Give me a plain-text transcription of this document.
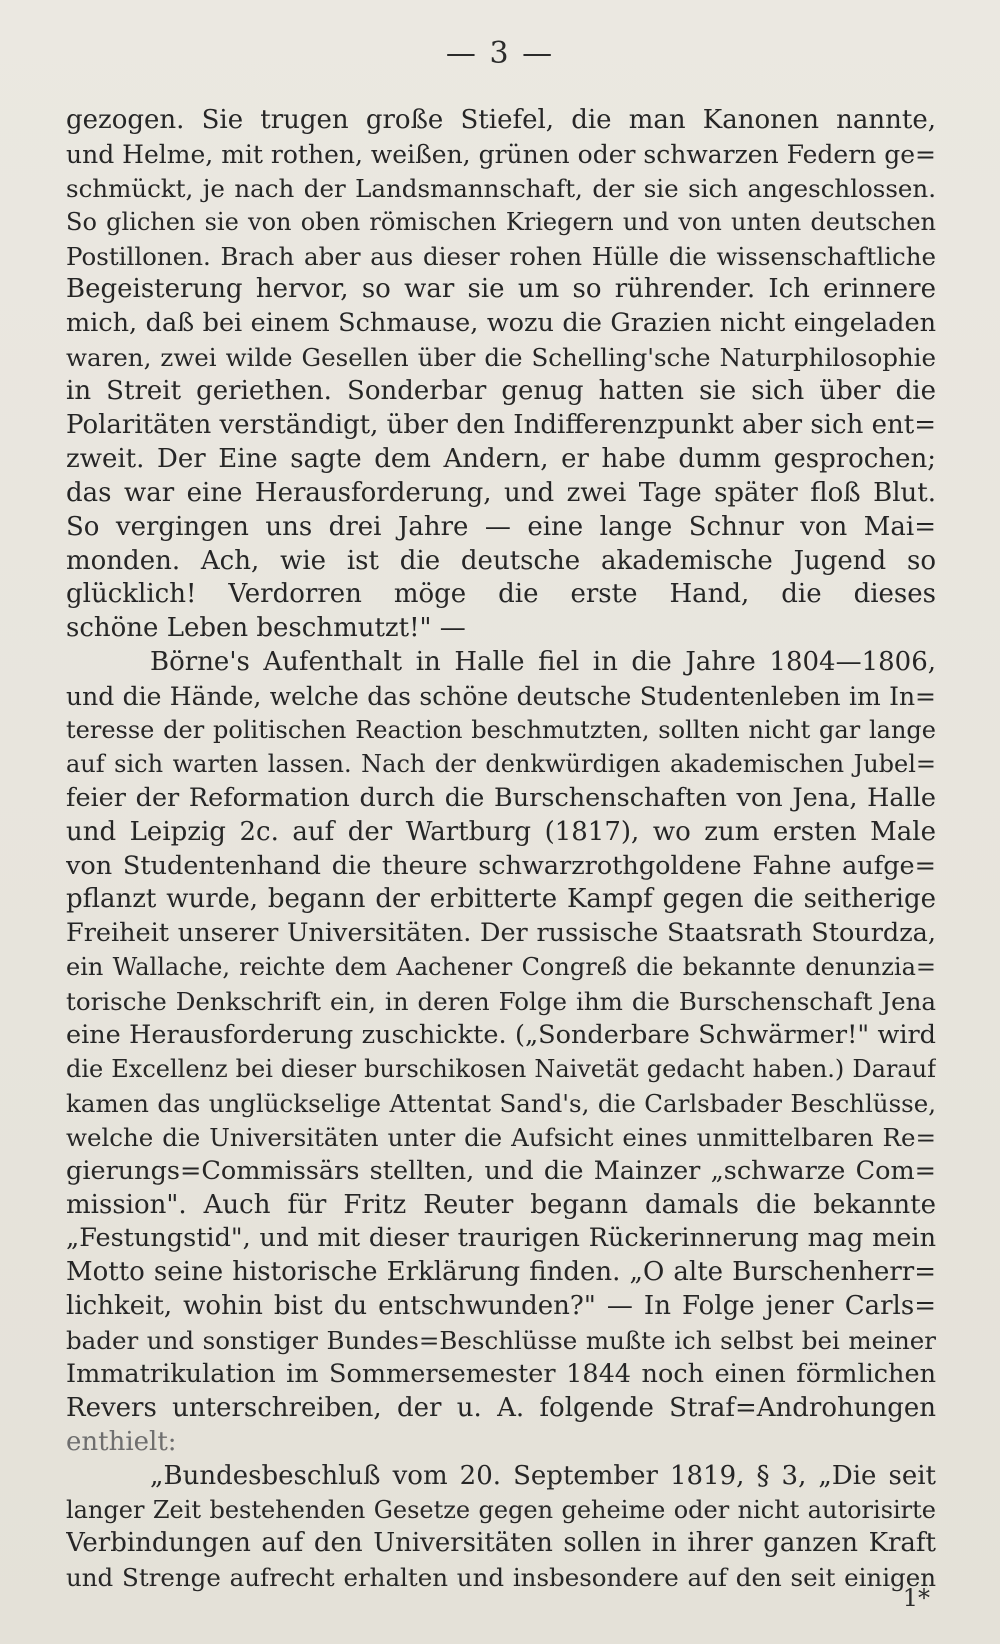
— 3 —
gezogen. Sie trugen große Stiefel, die man Kanonen nannte,
und Helme, mit rothen, weißen, grünen oder schwarzen Federn ge=
schmückt, je nach der Landsmannschaft, der sie sich angeschlossen.
So glichen sie von oben römischen Kriegern und von unten deutschen
Postillonen. Brach aber aus dieser rohen Hülle die wissenschaftliche
Begeisterung hervor, so war sie um so rührender. Ich erinnere
mich, daß bei einem Schmause, wozu die Grazien nicht eingeladen
waren, zwei wilde Gesellen über die Schelling'sche Naturphilosophie
in Streit geriethen. Sonderbar genug hatten sie sich über die
Polaritäten verständigt, über den Indifferenzpunkt aber sich ent=
zweit. Der Eine sagte dem Andern, er habe dumm gesprochen;
das war eine Herausforderung, und zwei Tage später floß Blut.
So vergingen uns drei Jahre — eine lange Schnur von Mai=
monden. Ach, wie ist die deutsche akademische Jugend so
glücklich! Verdorren möge die erste Hand, die dieses
schöne Leben beschmutzt!" —
Börne's Aufenthalt in Halle fiel in die Jahre 1804—1806,
und die Hände, welche das schöne deutsche Studentenleben im In=
teresse der politischen Reaction beschmutzten, sollten nicht gar lange
auf sich warten lassen. Nach der denkwürdigen akademischen Jubel=
feier der Reformation durch die Burschenschaften von Jena, Halle
und Leipzig 2c. auf der Wartburg (1817), wo zum ersten Male
von Studentenhand die theure schwarzrothgoldene Fahne aufge=
pflanzt wurde, begann der erbitterte Kampf gegen die seitherige
Freiheit unserer Universitäten. Der russische Staatsrath Stourdza,
ein Wallache, reichte dem Aachener Congreß die bekannte denunzia=
torische Denkschrift ein, in deren Folge ihm die Burschenschaft Jena
eine Herausforderung zuschickte. („Sonderbare Schwärmer!" wird
die Excellenz bei dieser burschikosen Naivetät gedacht haben.) Darauf
kamen das unglückselige Attentat Sand's, die Carlsbader Beschlüsse,
welche die Universitäten unter die Aufsicht eines unmittelbaren Re=
gierungs=Commissärs stellten, und die Mainzer „schwarze Com=
mission". Auch für Fritz Reuter begann damals die bekannte
„Festungstid", und mit dieser traurigen Rückerinnerung mag mein
Motto seine historische Erklärung finden. „O alte Burschenherr=
lichkeit, wohin bist du entschwunden?" — In Folge jener Carls=
bader und sonstiger Bundes=Beschlüsse mußte ich selbst bei meiner
Immatrikulation im Sommersemester 1844 noch einen förmlichen
Revers unterschreiben, der u. A. folgende Straf=Androhungen
enthielt:
„Bundesbeschluß vom 20. September 1819, § 3, „Die seit
langer Zeit bestehenden Gesetze gegen geheime oder nicht autorisirte
Verbindungen auf den Universitäten sollen in ihrer ganzen Kraft
und Strenge aufrecht erhalten und insbesondere auf den seit einigen
1*
